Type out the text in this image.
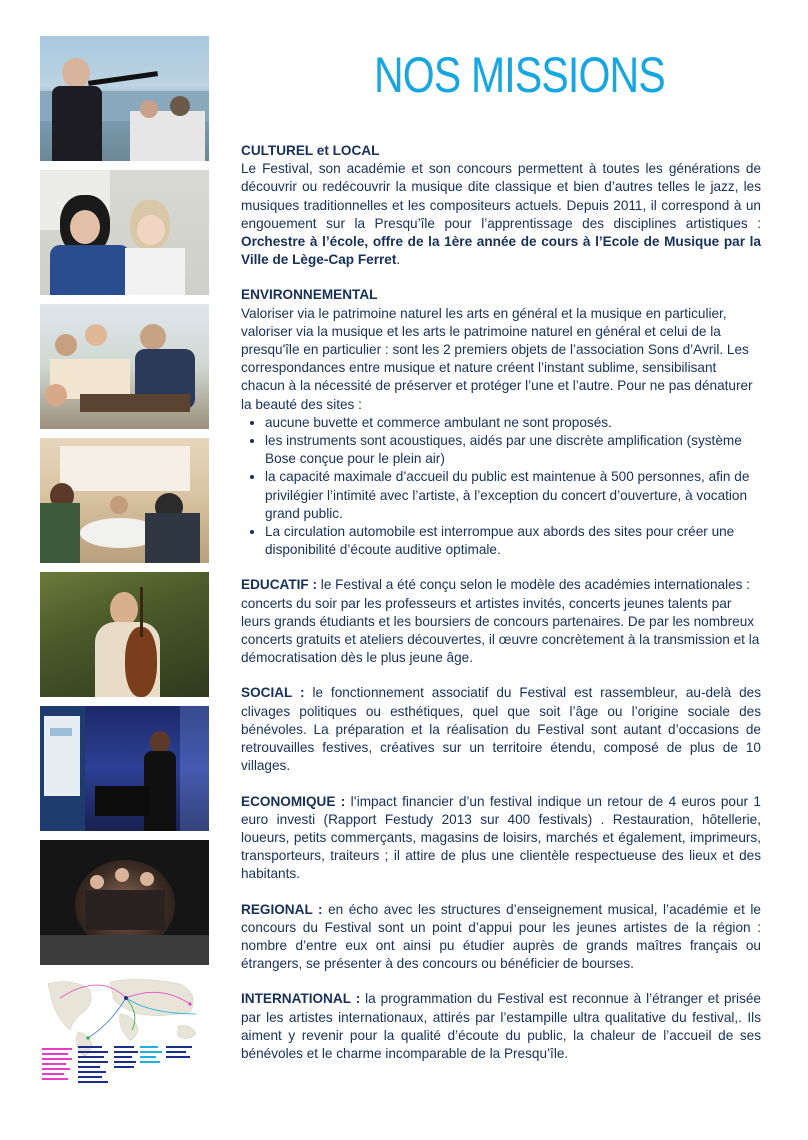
NOS MISSIONS

CULTUREL et LOCAL

Le Festival, son académie et son concours permettent à toutes les générations de découvrir ou redécouvrir la musique dite classique et bien d’autres telles le jazz, les musiques traditionnelles et les compositeurs actuels. Depuis 2011, il correspond à un engouement sur la Presqu’île pour l’apprentissage des disciplines artistiques : Orchestre à l’école, offre de la 1ère année de cours à l’Ecole de Musique par la Ville de Lège-Cap Ferret.

ENVIRONNEMENTAL

Valoriser via le patrimoine naturel les arts en général et la musique en particulier, valoriser via la musique et les arts le patrimoine naturel en général et celui de la presqu'île en particulier : sont les 2 premiers objets de l’association Sons d’Avril. Les correspondances entre musique et nature créent l’instant sublime, sensibilisant chacun à la nécessité de préserver et protéger l’une et l’autre. Pour ne pas dénaturer la beauté des sites :

• aucune buvette et commerce ambulant ne sont proposés.
• les instruments sont acoustiques, aidés par une discrète amplification (système Bose conçue pour le plein air)
• la capacité maximale d’accueil du public est maintenue à 500 personnes, afin de privilégier l’intimité avec l’artiste, à l’exception du concert d’ouverture, à vocation grand public.
• La circulation automobile est interrompue aux abords des sites pour créer une disponibilité d’écoute auditive optimale.

EDUCATIF : le Festival a été conçu selon le modèle des académies internationales : concerts du soir par les professeurs et artistes invités, concerts jeunes talents par leurs grands étudiants et les boursiers de concours partenaires. De par les nombreux concerts gratuits et ateliers découvertes, il œuvre concrètement à la transmission et la démocratisation dès le plus jeune âge.

SOCIAL : le fonctionnement associatif du Festival est rassembleur, au-delà des clivages politiques ou esthétiques, quel que soit l’âge ou l’origine sociale des bénévoles. La préparation et la réalisation du Festival sont autant d’occasions de retrouvailles festives, créatives sur un territoire étendu, composé de plus de 10 villages.

ECONOMIQUE : l’impact financier d’un festival indique un retour de 4 euros pour 1 euro investi (Rapport Festudy 2013 sur 400 festivals) . Restauration, hôtellerie, loueurs, petits commerçants, magasins de loisirs, marchés et également, imprimeurs, transporteurs, traiteurs ; il attire de plus une clientèle respectueuse des lieux et des habitants.

REGIONAL : en écho avec les structures d’enseignement musical, l’académie et le concours du Festival sont un point d’appui pour les jeunes artistes de la région : nombre d’entre eux ont ainsi pu étudier auprès de grands maîtres français ou étrangers, se présenter à des concours ou bénéficier de bourses.

INTERNATIONAL : la programmation du Festival est reconnue à l’étranger et prisée par les artistes internationaux, attirés par l’estampille ultra qualitative du festival,. Ils aiment y revenir pour la qualité d’écoute du public, la chaleur de l’accueil de ses bénévoles et le charme incomparable de la Presqu’île.
